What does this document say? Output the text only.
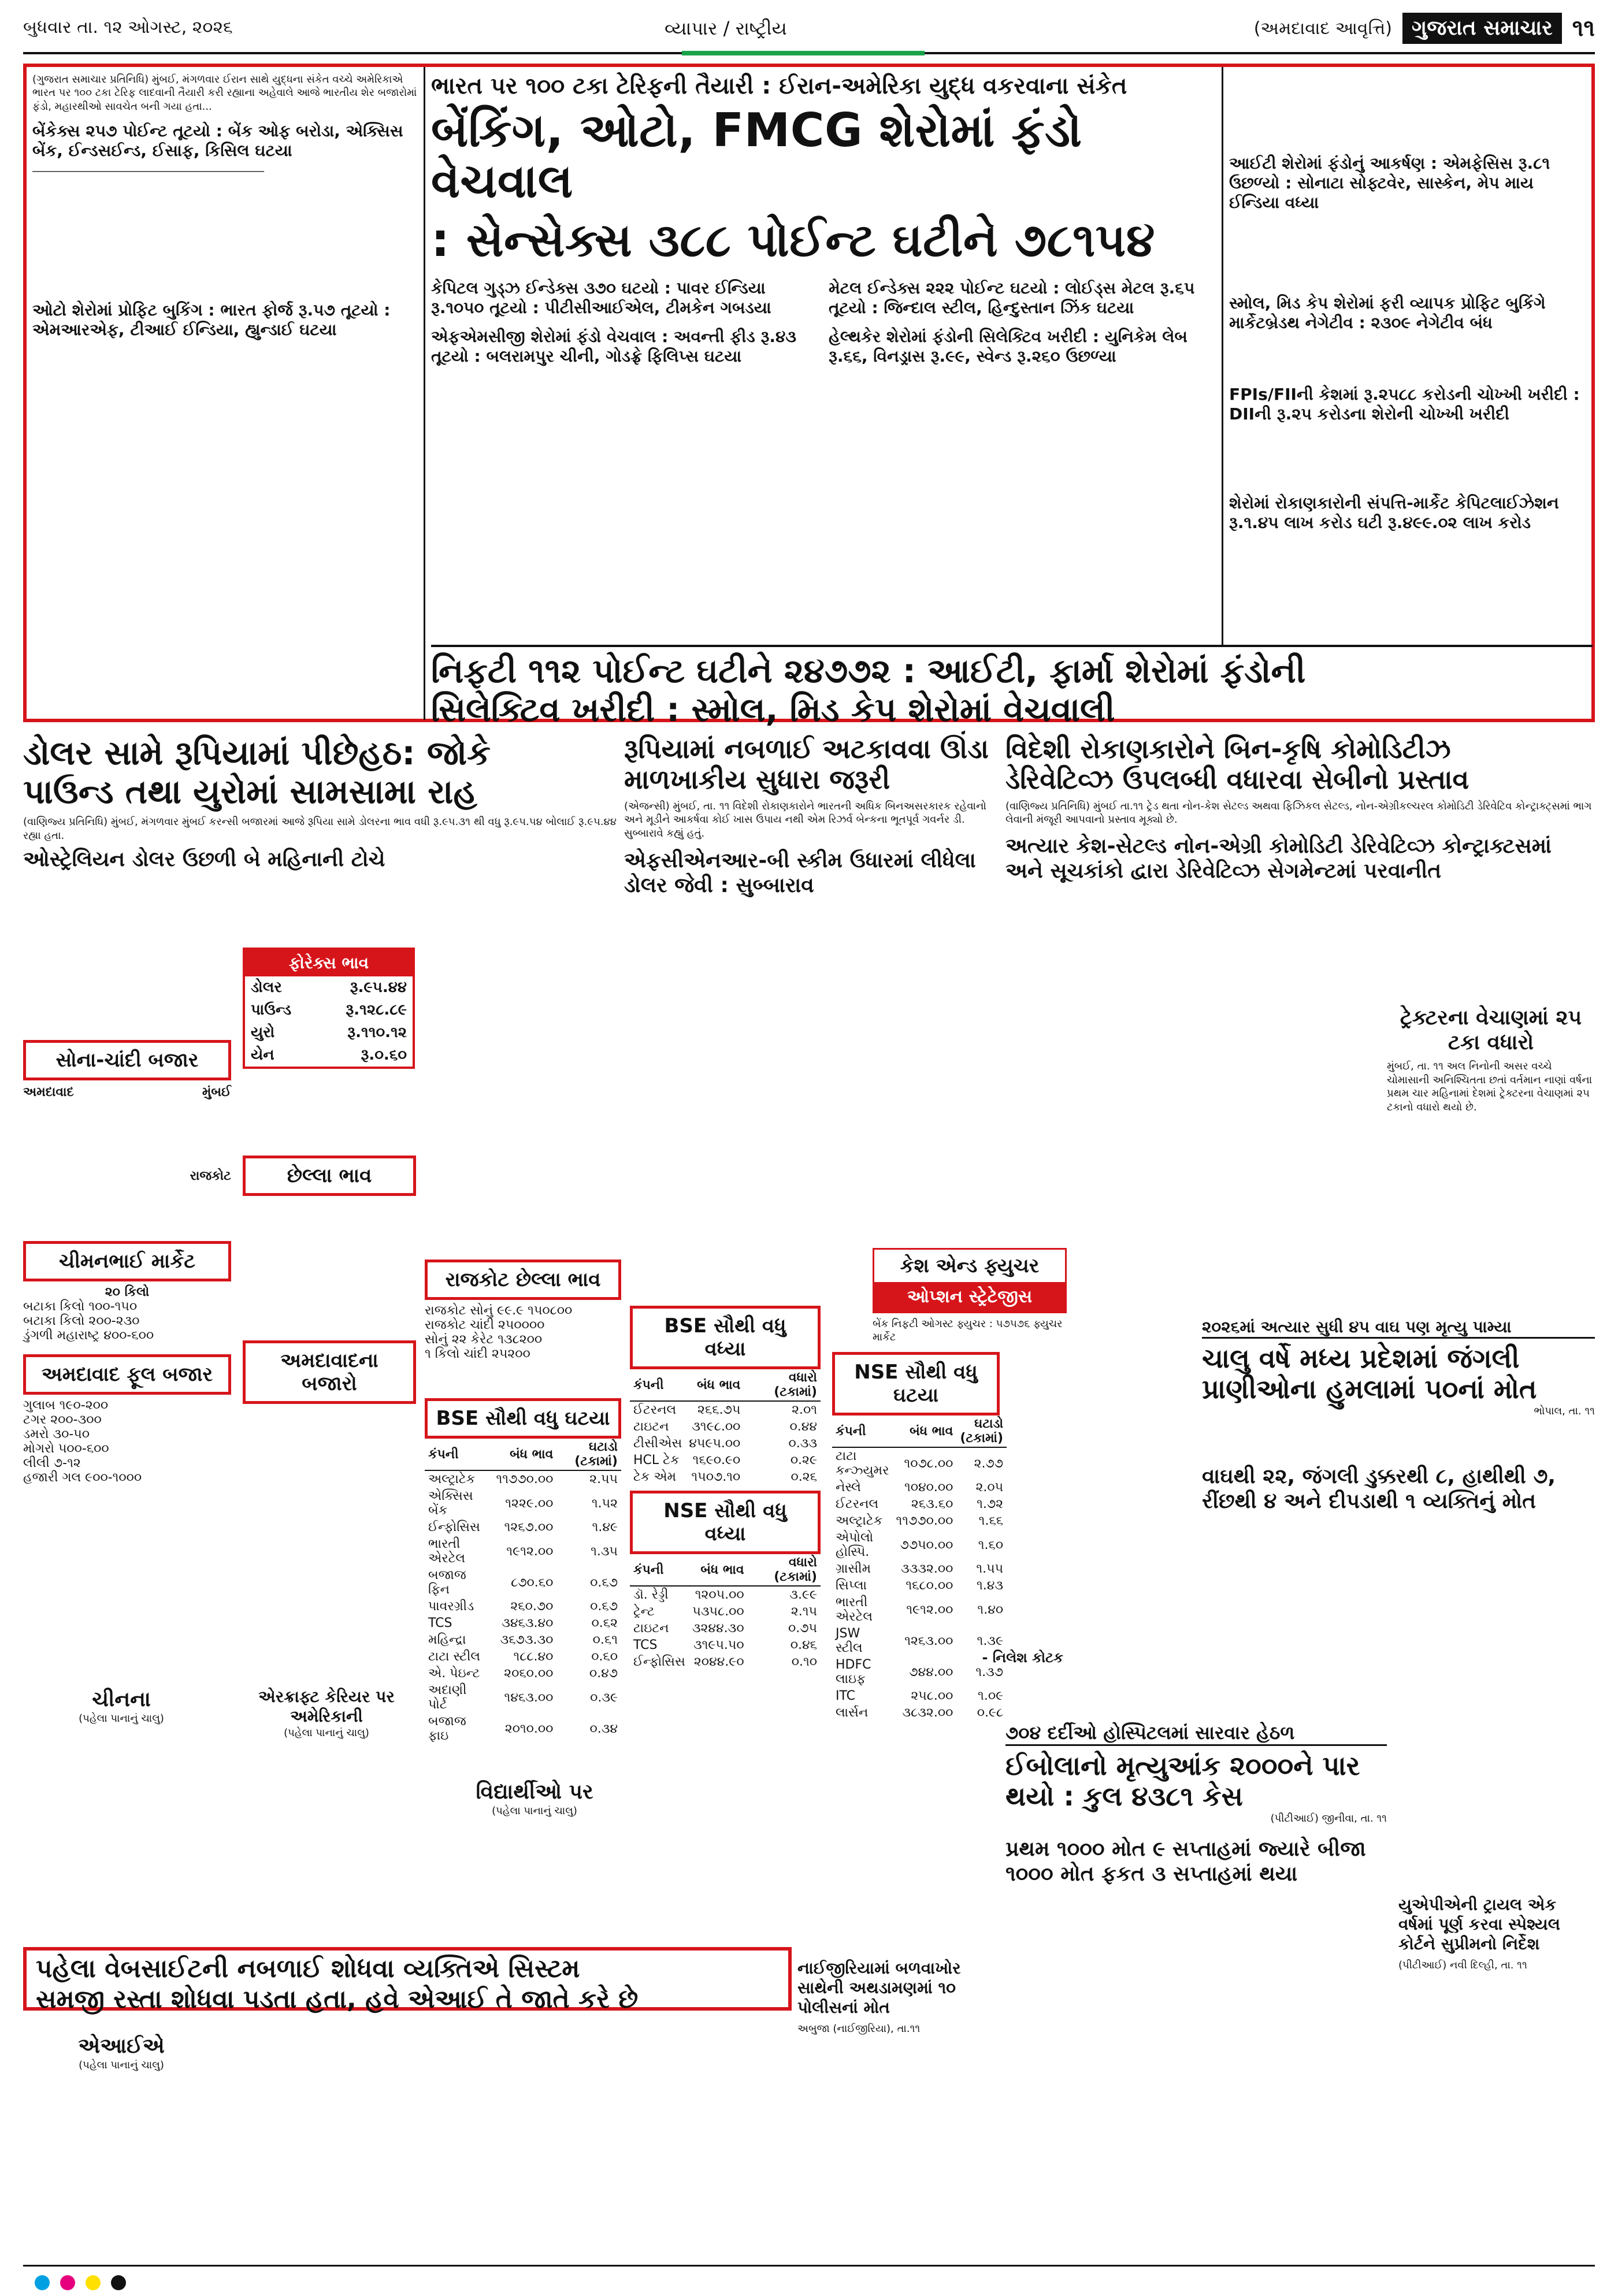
બુધવાર તા. ૧૨ ઓગસ્ટ, ૨૦૨૬	વ્યાપાર / રાષ્ટ્રીય	(અમદાવાદ આવૃત્તિ) ગુજરાત સમાચાર ૧૧
(ગુજરાત સમાચાર પ્રતિનિધિ) મુંબઈ, મંગળવાર ઈરાન સાથે યુદ્ધના સંકેત વચ્ચે અમેરિકાએ ભારત પર ૧૦૦ ટકા ટેરિફ લાદવાની તૈયારી કરી રહ્યાના અહેવાલે આજે ભારતીય શેર બજારોમાં ફંડો, મહારથીઓ સાવચેત બની ગયા હતા...
બેંકેક્સ ૨૫૭ પોઈન્ટ તૂટયો : બેંક ઓફ બરોડા, એક્સિસ બેંક, ઈન્ડસઈન્ડ, ઈસાફ, કિસિલ ઘટયા
─────────────────────────────────────
ઓટો શેરોમાં પ્રોફિટ બુકિંગ : ભારત ફોર્જ રૂ.૫૭ તૂટયો : એમઆરએફ, ટીઆઈ ઈન્ડિયા, હ્યુન્ડાઈ ઘટયા
ભારત પર ૧૦૦ ટકા ટેરિફની તૈયારી : ઈરાન-અમેરિકા યુદ્ધ વકરવાના સંકેત
બેંકિંગ, ઓટો, FMCG શેરોમાં ફંડો વેચવાલ
: સેન્સેક્સ ૩૮૮ પોઈન્ટ ઘટીને ૭૮૧૫૪
કેપિટલ ગુડ્ઝ ઈન્ડેક્સ ૩૭૦ ઘટયો : પાવર ઈન્ડિયા રૂ.૧૦૫૦ તૂટયો : પીટીસીઆઈએલ, ટીમકેન ગબડયા
મેટલ ઈન્ડેક્સ ૨૨૨ પોઈન્ટ ઘટયો : લોઈડ્સ મેટલ રૂ.૬૫ તૂટયો : જિન્દાલ સ્ટીલ, હિન્દુસ્તાન ઝિંક ઘટયા
એફએમસીજી શેરોમાં ફંડો વેચવાલ : અવન્તી ફીડ રૂ.૪૩ તૂટયો : બલરામપુર ચીની, ગોડફ્રે ફિલિપ્સ ઘટયા
હેલ્થકેર શેરોમાં ફંડોની સિલેક્ટિવ ખરીદી : યુનિકેમ લેબ રૂ.૬૬, વિનડ્રાસ રૂ.૯૯, સ્વેન્ડ રૂ.૨૬૦ ઉછળ્યા
આઈટી શેરોમાં ફંડોનું આકર્ષણ : એમફેસિસ રૂ.૮૧ ઉછળ્યો : સોનાટા સોફ્ટવેર, સાસ્કેન, મેપ માય ઈન્ડિયા વધ્યા
સ્મોલ, મિડ કેપ શેરોમાં ફરી વ્યાપક પ્રોફિટ બુકિંગે માર્કેટબ્રેડથ નેગેટીવ : ૨૩૦૯ નેગેટીવ બંધ
FPIs/FIIની કેશમાં રૂ.૨૫૮૮ કરોડની ચોખ્ખી ખરીદી : DIIની રૂ.૨૫ કરોડના શેરોની ચોખ્ખી ખરીદી
શેરોમાં રોકાણકારોની સંપત્તિ-માર્કેટ કેપિટલાઈઝેશન રૂ.૧.૪૫ લાખ કરોડ ઘટી રૂ.૪૯૯.૦૨ લાખ કરોડ
નિફટી ૧૧૨ પોઈન્ટ ઘટીને ૨૪૭૭૨ : આઈટી, ફાર્મા શેરોમાં ફંડોની
સિલેક્ટિવ ખરીદી : સ્મોલ, મિડ કેપ શેરોમાં વેચવાલી
ડોલર સામે રૂપિયામાં પીછેહઠ: જોકે
પાઉન્ડ તથા યુરોમાં સામસામા રાહ
(વાણિજ્ય પ્રતિનિધિ) મુંબઈ, મંગળવાર મુંબઈ કરન્સી બજારમાં આજે રૂપિયા સામે ડોલરના ભાવ વધી રૂ.૯૫.૩૧ થી વધુ રૂ.૯૫.૫૪ બોલાઈ રૂ.૯૫.૪૪ રહ્યા હતા.
ઓસ્ટ્રેલિયન ડોલર ઉછળી બે મહિનાની ટોચે
ફોરેક્સ ભાવ
ડોલર	રૂ.૯૫.૪૪
પાઉન્ડ	રૂ.૧૨૮.૮૯
યુરો	રૂ.૧૧૦.૧૨
યેન	રૂ.૦.૬૦
રૂપિયામાં નબળાઈ અટકાવવા ઊંડા માળખાકીય સુધારા જરૂરી
(એજન્સી) મુંબઈ, તા. ૧૧ વિદેશી રોકાણકારોને ભારતની અધિક બિનઅસરકારક રહેવાનો અને મૂડીને આકર્ષવા કોઈ ખાસ ઉપાય નથી એમ રિઝર્વ બેન્કના ભૂતપૂર્વ ગવર્નર ડી. સુબ્બારાવે કહ્યું હતું.
એફસીએનઆર-બી સ્કીમ ઉધારમાં લીધેલા ડોલર જેવી : સુબ્બારાવ
વિદેશી રોકાણકારોને બિન-કૃષિ કોમોડિટીઝ
ડેરિવેટિવ્ઝ ઉપલબ્ધી વધારવા સેબીનો પ્રસ્તાવ
(વાણિજ્ય પ્રતિનિધિ) મુંબઈ તા.૧૧ ટ્રેડ થતા નોન-કેશ સેટલ્ડ અથવા ફિઝિકલ સેટલ્ડ, નોન-એગ્રીકલ્ચરલ કોમોડિટી ડેરિવેટિવ કોન્ટ્રાક્ટ્સમાં ભાગ લેવાની મંજૂરી આપવાનો પ્રસ્તાવ મૂક્યો છે.
અત્યાર કેશ-સેટલ્ડ નોન-એગ્રી કોમોડિટી ડેરિવેટિવ્ઝ કોન્ટ્રાક્ટસમાં અને સૂચકાંકો દ્વારા ડેરિવેટિવ્ઝ સેગમેન્ટમાં પરવાનીત
સોના-ચાંદી બજાર
અમદાવાદ	મુંબઈ
રાજકોટ
ચીમનભાઈ માર્કેટ
૨૦ કિલો
બટાકા કિલો ૧૦૦-૧૫૦
બટાકા કિલો ૨૦૦-૨૩૦
ડુંગળી મહારાષ્ટ્ર ૪૦૦-૬૦૦
અમદાવાદ ફૂલ બજાર
ગુલાબ ૧૯૦-૨૦૦
ટગર ૨૦૦-૩૦૦
ડમરો ૩૦-૫૦
મોગરો ૫૦૦-૬૦૦
લીલી ૭-૧૨
હજારી ગલ ૯૦૦-૧૦૦૦
છેલ્લા ભાવ
અમદાવાદના બજારો
રાજકોટ છેલ્લા ભાવ
રાજકોટ સોનું ૯૯.૯ ૧૫૦૮૦૦
રાજકોટ ચાંદી ૨૫૦૦૦૦
સોનું ૨૨ કેરેટ ૧૩૮૨૦૦
૧ કિલો ચાંદી ૨૫૨૦૦
BSE સૌથી વધુ ઘટયા
કંપની	બંધ ભાવ	ઘટાડો (ટકામાં)
અલ્ટ્રાટેક	૧૧૭૭૦.૦૦	૨.૫૫
એક્સિસ બેંક	૧૨૨૯.૦૦	૧.૫૨
ઈન્ફોસિસ	૧૨૬૭.૦૦	૧.૪૯
ભારતી એરટેલ	૧૯૧૨.૦૦	૧.૩૫
બજાજ ફિન	૮૭૦.૬૦	૦.૬૭
પાવરગ્રીડ	૨૬૦.૭૦	૦.૬૭
TCS	૩૪૬૩.૪૦	૦.૬૨
મહિન્દ્રા	૩૬૭૩.૩૦	૦.૬૧
ટાટા સ્ટીલ	૧૮૮.૪૦	૦.૬૦
એ. પેઇન્ટ	૨૦૬૦.૦૦	૦.૪૭
અદાણી પોર્ટ	૧૪૬૩.૦૦	૦.૩૯
બજાજ ફાઇ	૨૦૧૦.૦૦	૦.૩૪
BSE સૌથી વધુ વધ્યા
કંપની	બંધ ભાવ	વધારો (ટકામાં)
ઈટરનલ	૨૬૬.૭૫	૨.૦૧
ટાઇટન	૩૧૯૮.૦૦	૦.૪૪
ટીસીએસ	૪૫૯૫.૦૦	૦.૩૩
HCL ટેક	૧૬૯૦.૯૦	૦.૨૯
ટેક એમ	૧૫૦૭.૧૦	૦.૨૬
NSE સૌથી વધુ વધ્યા
કંપની	બંધ ભાવ	વધારો (ટકામાં)
ડૉ. રેડ્ડી	૧૨૦૫.૦૦	૩.૯૯
ટ્રેન્ટ	૫૩૫૮.૦૦	૨.૧૫
ટાઇટન	૩૨૪૪.૩૦	૦.૭૫
TCS	૩૧૯૫.૫૦	૦.૪૬
ઈન્ફોસિસ	૨૦૪૪.૯૦	૦.૧૦
NSE સૌથી વધુ ઘટયા
કંપની	બંધ ભાવ	ઘટાડો (ટકામાં)
ટાટા કન્ઝ્યુમર	૧૦૭૮.૦૦	૨.૭૭
નેસ્લે	૧૦૪૦.૦૦	૨.૦૫
ઈટરનલ	૨૬૩.૬૦	૧.૭૨
અલ્ટ્રાટેક	૧૧૭૭૦.૦૦	૧.૬૬
એપોલો હોસ્પિ.	૭૭૫૦.૦૦	૧.૬૦
ગ્રાસીમ	૩૩૩૨.૦૦	૧.૫૫
સિપ્લા	૧૬૮૦.૦૦	૧.૪૩
ભારતી એરટેલ	૧૯૧૨.૦૦	૧.૪૦
JSW સ્ટીલ	૧૨૬૩.૦૦	૧.૩૯
HDFC લાઇફ	૭૪૪.૦૦	૧.૩૭
ITC	૨૫૮.૦૦	૧.૦૯
લાર્સન	૩૮૩૨.૦૦	૦.૯૮
કેશ એન્ડ ફ્યુચર
ઓપ્શન સ્ટ્રેટેજીસ
બેંક નિફટી ઓગસ્ટ ફ્યુચર : ૫૭૫૭૬ ફ્યુચર માર્કેટ
- નિલેશ કોટક
ટ્રેક્ટરના વેચાણમાં ૨૫ ટકા વધારો
મુંબઈ, તા. ૧૧ અલ નિનોની અસર વચ્ચે ચોમાસાની અનિશ્ચિતતા છતાં વર્તમાન નાણાં વર્ષના પ્રથમ ચાર મહિનામાં દેશમાં ટ્રેક્ટરના વેચાણમાં ૨૫ ટકાનો વધારો થયો છે.
૨૦૨૬માં અત્યાર સુધી ૪૫ વાઘ પણ મૃત્યુ પામ્યા
ચાલુ વર્ષે મધ્ય પ્રદેશમાં જંગલી પ્રાણીઓના હુમલામાં ૫૦નાં મોત
ભોપાલ, તા. ૧૧
વાઘથી ૨૨, જંગલી ડુક્કરથી ૮, હાથીથી ૭, રીંછથી ૪ અને દીપડાથી ૧ વ્યક્તિનું મોત
૭૦૪ દર્દીઓ હોસ્પિટલમાં સારવાર હેઠળ
ઈબોલાનો મૃત્યુઆંક ૨૦૦૦ને પાર થયો : કુલ ૪૩૮૧ કેસ
(પીટીઆઈ) જીનીવા, તા. ૧૧
પ્રથમ ૧૦૦૦ મોત ૯ સપ્તાહમાં જ્યારે બીજા ૧૦૦૦ મોત ફકત ૩ સપ્તાહમાં થયા
યુએપીએની ટ્રાયલ એક વર્ષમાં પૂર્ણ કરવા સ્પેશ્યલ કોર્ટને સુપ્રીમનો નિર્દેશ
(પીટીઆઈ) નવી દિલ્હી, તા. ૧૧
નાઈજીરિયામાં બળવાખોર સાથેની અથડામણમાં ૧૦ પોલીસનાં મોત
અબુજા (નાઈજીરિયા), તા.૧૧
ચીનના
(પહેલા પાનાનું ચાલુ)
એરક્રાફ્ટ કેરિયર પર અમેરિકાની
(પહેલા પાનાનું ચાલુ)
વિદ્યાર્થીઓ પર
(પહેલા પાનાનું ચાલુ)
પહેલા વેબસાઈટની નબળાઈ શોધવા વ્યક્તિએ સિસ્ટમ
સમજી રસ્તા શોધવા પડતા હતા, હવે એઆઈ તે જાતે કરે છે
એઆઈએ
(પહેલા પાનાનું ચાલુ)
